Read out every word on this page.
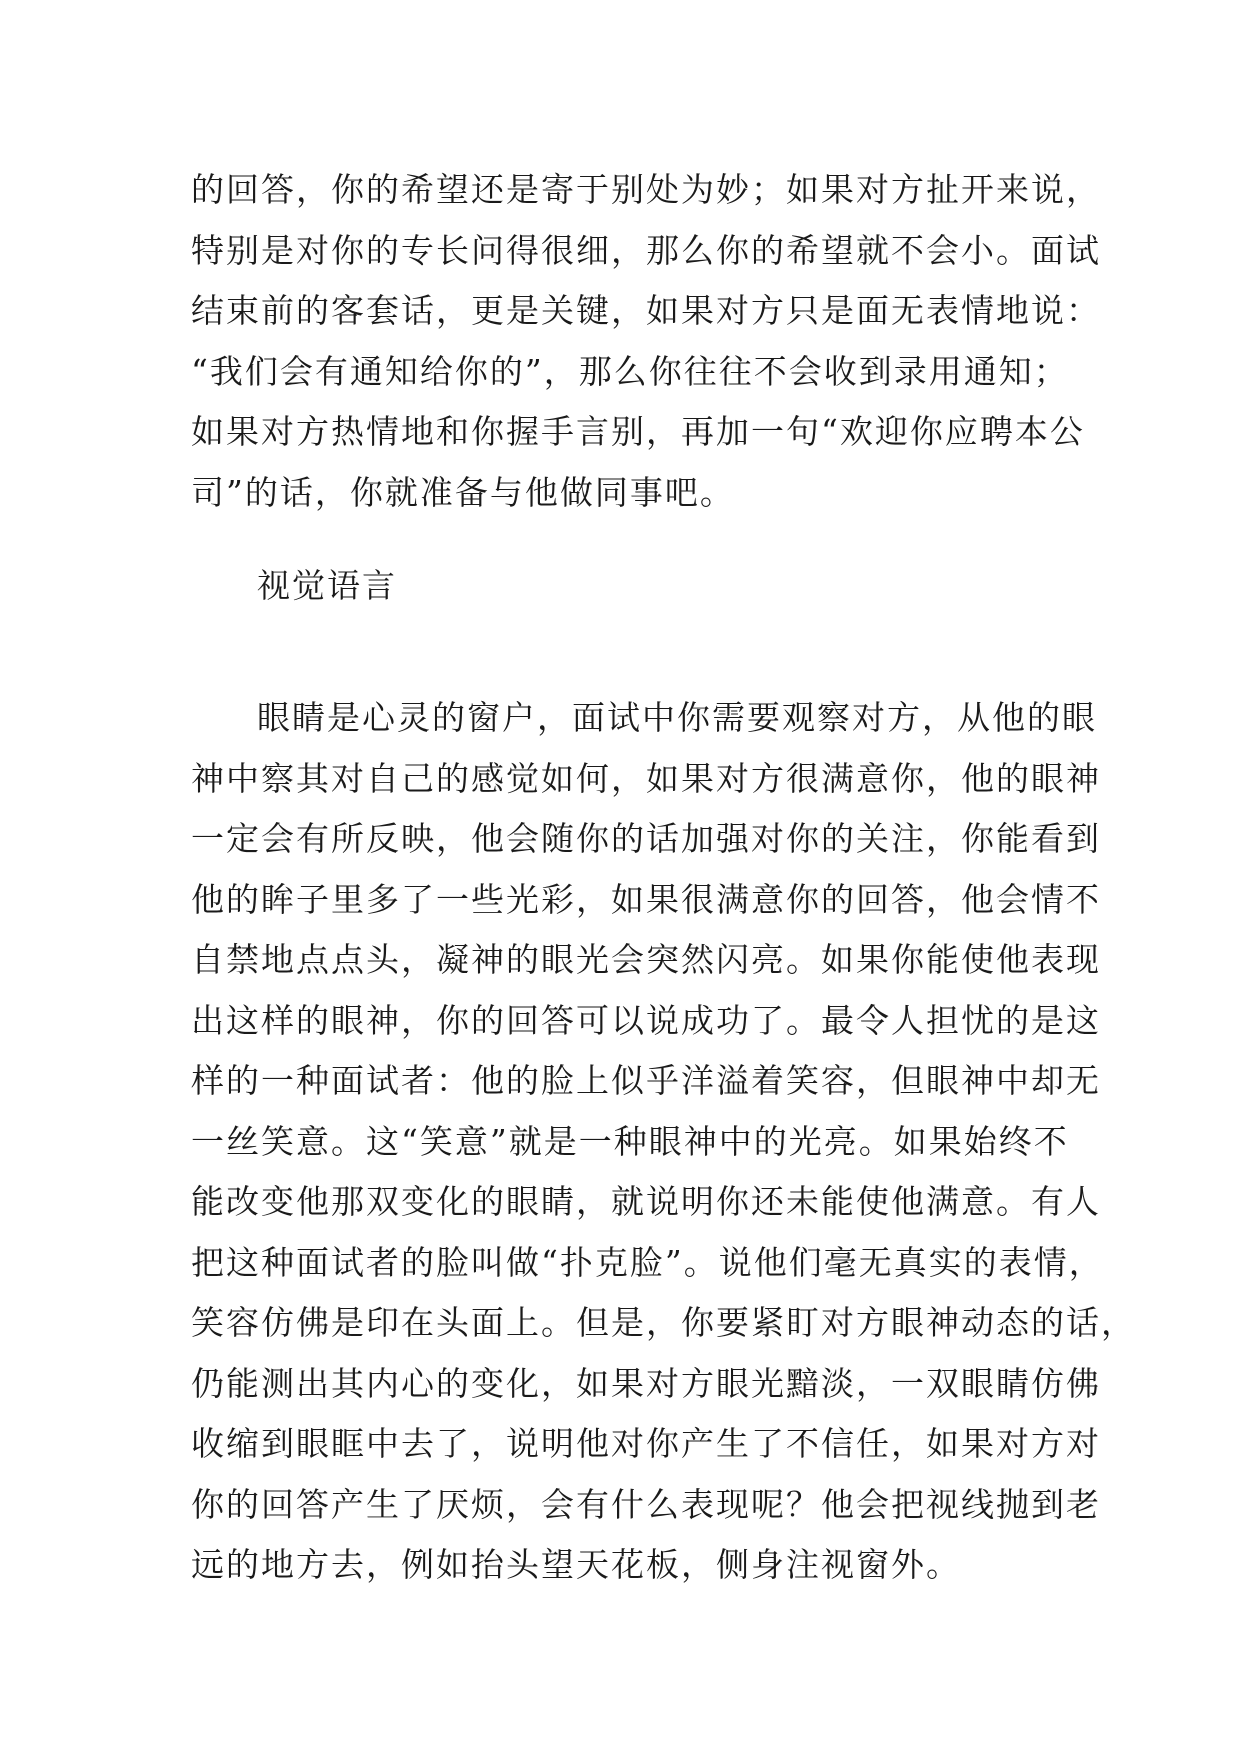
的回答，你的希望还是寄于别处为妙；如果对方扯开来说，
特别是对你的专长问得很细，那么你的希望就不会小。面试
结束前的客套话，更是关键，如果对方只是面无表情地说：
“我们会有通知给你的”，那么你往往不会收到录用通知；
如果对方热情地和你握手言别，再加一句“欢迎你应聘本公
司”的话，你就准备与他做同事吧。
视觉语言
眼睛是心灵的窗户，面试中你需要观察对方，从他的眼
神中察其对自己的感觉如何，如果对方很满意你，他的眼神
一定会有所反映，他会随你的话加强对你的关注，你能看到
他的眸子里多了一些光彩，如果很满意你的回答，他会情不
自禁地点点头，凝神的眼光会突然闪亮。如果你能使他表现
出这样的眼神，你的回答可以说成功了。最令人担忧的是这
样的一种面试者：他的脸上似乎洋溢着笑容，但眼神中却无
一丝笑意。这“笑意”就是一种眼神中的光亮。如果始终不
能改变他那双变化的眼睛，就说明你还未能使他满意。有人
把这种面试者的脸叫做“扑克脸”。说他们毫无真实的表情，
笑容仿佛是印在头面上。但是，你要紧盯对方眼神动态的话，
仍能测出其内心的变化，如果对方眼光黯淡，一双眼睛仿佛
收缩到眼眶中去了，说明他对你产生了不信任，如果对方对
你的回答产生了厌烦，会有什么表现呢？他会把视线抛到老
远的地方去，例如抬头望天花板，侧身注视窗外。
